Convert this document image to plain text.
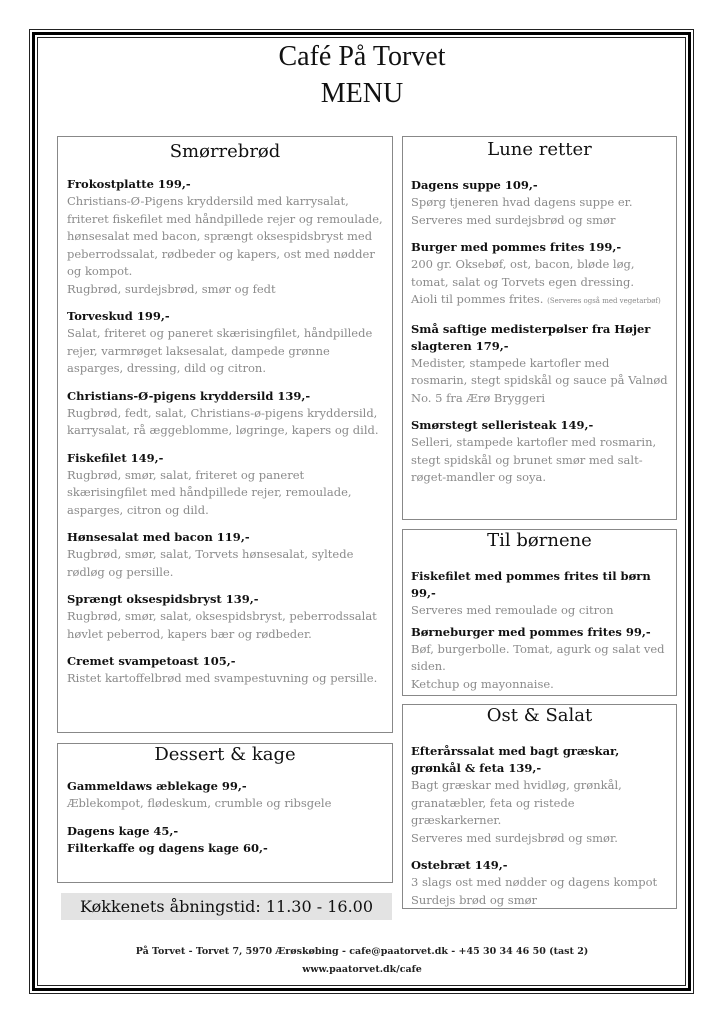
Café På Torvet
MENU
Smørrebrød
Frokostplatte 199,-
Christians-Ø-Pigens kryddersild med karrysalat, friteret fiskefilet med håndpillede rejer og remoulade, hønsesalat med bacon, sprængt oksespidsbryst med peberrodssalat, rødbeder og kapers, ost med nødder og kompot.
Rugbrød, surdejsbrød, smør og fedt
Torveskud 199,-
Salat, friteret og paneret skærisingfilet, håndpillede rejer, varmrøget laksesalat, dampede grønne asparges, dressing, dild og citron.
Christians-Ø-pigens kryddersild 139,-
Rugbrød, fedt, salat, Christians-ø-pigens kryddersild, karrysalat, rå æggeblomme, løgringe, kapers og dild.
Fiskefilet 149,-
Rugbrød, smør, salat, friteret og paneret skærisingfilet med håndpillede rejer, remoulade, asparges, citron og dild.
Hønsesalat med bacon 119,-
Rugbrød, smør, salat, Torvets hønsesalat, syltede rødløg og persille.
Sprængt oksespidsbryst 139,-
Rugbrød, smør, salat, oksespidsbryst, peberrodssalat høvlet peberrod, kapers bær og rødbeder.
Cremet svampetoast 105,-
Ristet kartoffelbrød med svampestuvning og persille.
Dessert & kage
Gammeldaws æblekage 99,-
Æblekompot, flødeskum, crumble og ribsgele
Dagens kage 45,-
Filterkaffe og dagens kage 60,-
Køkkenets åbningstid: 11.30 - 16.00
Lune retter
Dagens suppe 109,-
Spørg tjeneren hvad dagens suppe er.
Serveres med surdejsbrød og smør
Burger med pommes frites 199,-
200 gr. Oksebøf, ost, bacon, bløde løg, tomat, salat og Torvets egen dressing.
Aioli til pommes frites. (Serveres også med vegetarbøf)
Små saftige medisterpølser fra Højer slagteren 179,-
Medister, stampede kartofler med rosmarin, stegt spidskål og sauce på Valnød No. 5 fra Ærø Bryggeri
Smørstegt selleristeak 149,-
Selleri, stampede kartofler med rosmarin, stegt spidskål og brunet smør med salt-røget-mandler og soya.
Til børnene
Fiskefilet med pommes frites til børn 99,-
Serveres med remoulade og citron
Børneburger med pommes frites 99,-
Bøf, burgerbolle. Tomat, agurk og salat ved siden.
Ketchup og mayonnaise.
Ost & Salat
Efterårssalat med bagt græskar, grønkål & feta 139,-
Bagt græskar med hvidløg, grønkål, granatæbler, feta og ristede græskarkerner.
Serveres med surdejsbrød og smør.
Ostebræt 149,-
3 slags ost med nødder og dagens kompot
Surdejs brød og smør
På Torvet - Torvet 7, 5970 Ærøskøbing - cafe@paatorvet.dk - +45 30 34 46 50 (tast 2)
www.paatorvet.dk/cafe
